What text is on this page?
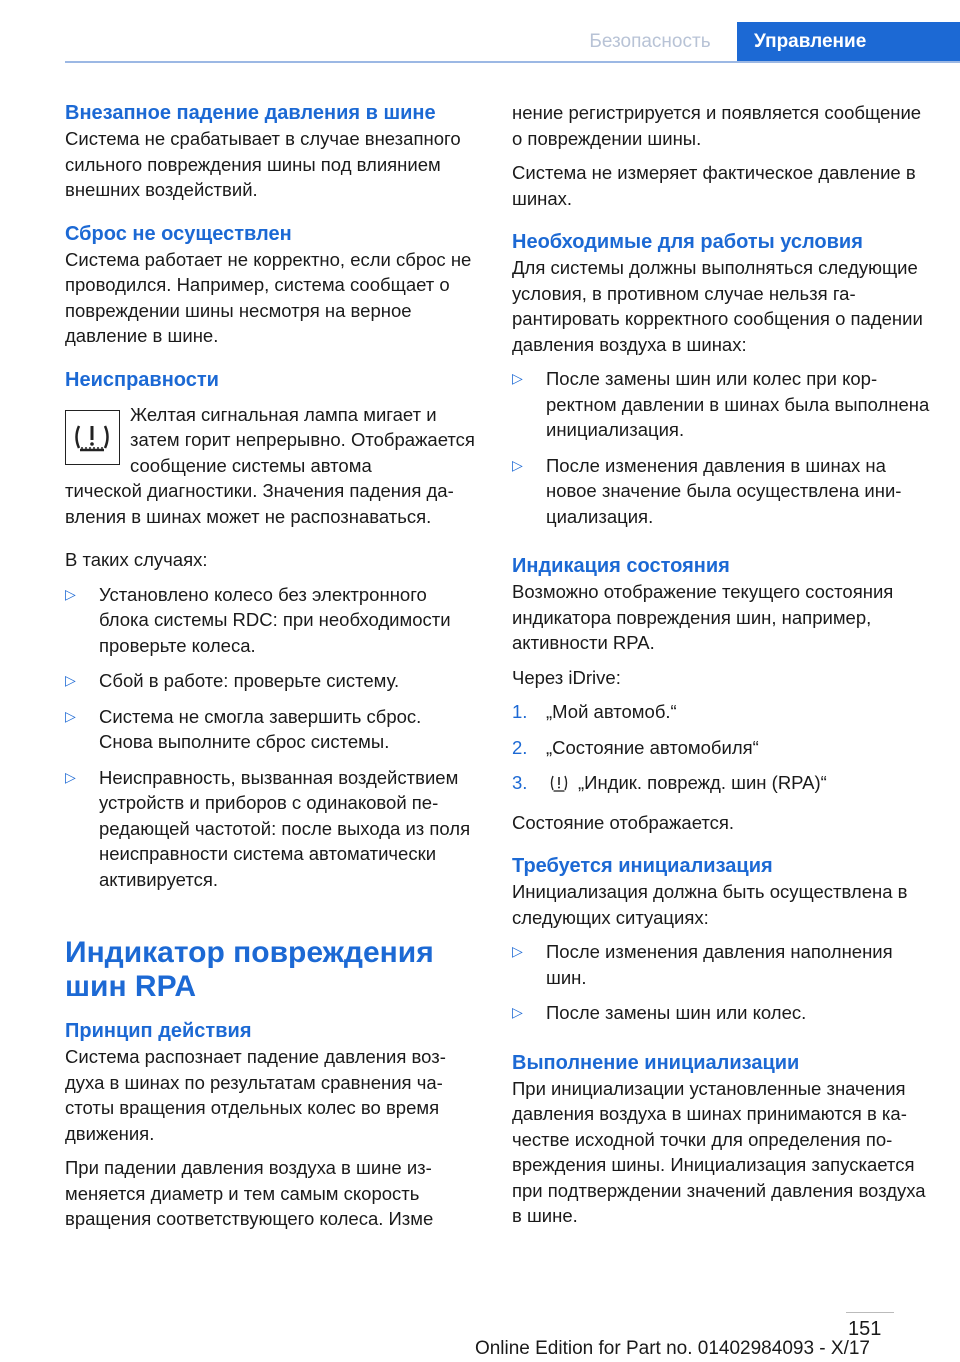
Безопасность	Управление
Внезапное падение давления в шине

Система не срабатывает в случае внезапного сильного повреждения шины под влиянием внешних воздействий.

Сброс не осуществлен

Система работает не корректно, если сброс не проводился. Например, система сообщает о повреждении шины несмотря на верное давление в шине.

Неисправности

Желтая сигнальная лампа мигает и затем горит непрерывно. Отображается сообщение системы автома

тической диагностики. Значения падения давления в шинах может не распознаваться.

В таких случаях:

▷ Установлено колесо без электронного блока системы RDC: при необходимости проверьте колеса.
▷ Сбой в работе: проверьте систему.
▷ Система не смогла завершить сброс. Снова выполните сброс системы.
▷ Неисправность, вызванная воздействием устройств и приборов с одинаковой передающей частотой: после выхода из поля неисправности система автоматически активируется.
Индикатор повреждения шин RPA
Принцип действия

Система распознает падение давления воздуха в шинах по результатам сравнения частоты вращения отдельных колес во время движения.

При падении давления воздуха в шине изменяется диаметр и тем самым скорость вращения соответствующего колеса. Изме

нение регистрируется и появляется сообщение о повреждении шины.

Система не измеряет фактическое давление в шинах.

Необходимые для работы условия

Для системы должны выполняться следующие условия, в противном случае нельзя гарантировать корректного сообщения о падении давления воздуха в шинах:

▷ После замены шин или колес при корректном давлении в шинах была выполнена инициализация.
▷ После изменения давления в шинах на новое значение была осуществлена инициализация.
Индикация состояния

Возможно отображение текущего состояния индикатора повреждения шин, например, активности RPA.

Через iDrive:

1. „Мой автомоб.“
2. „Состояние автомобиля“
3.	„Индик. поврежд. шин (RPA)“

Состояние отображается.

Требуется инициализация

Инициализация должна быть осуществлена в следующих ситуациях:

▷ После изменения давления наполнения шин.
▷ После замены шин или колес.
Выполнение инициализации

При инициализации установленные значения давления воздуха в шинах принимаются в качестве исходной точки для определения повреждения шины. Инициализация запускается при подтверждении значений давления воздуха в шине.

151
Online Edition for Part no. 01402984093 - X/17
